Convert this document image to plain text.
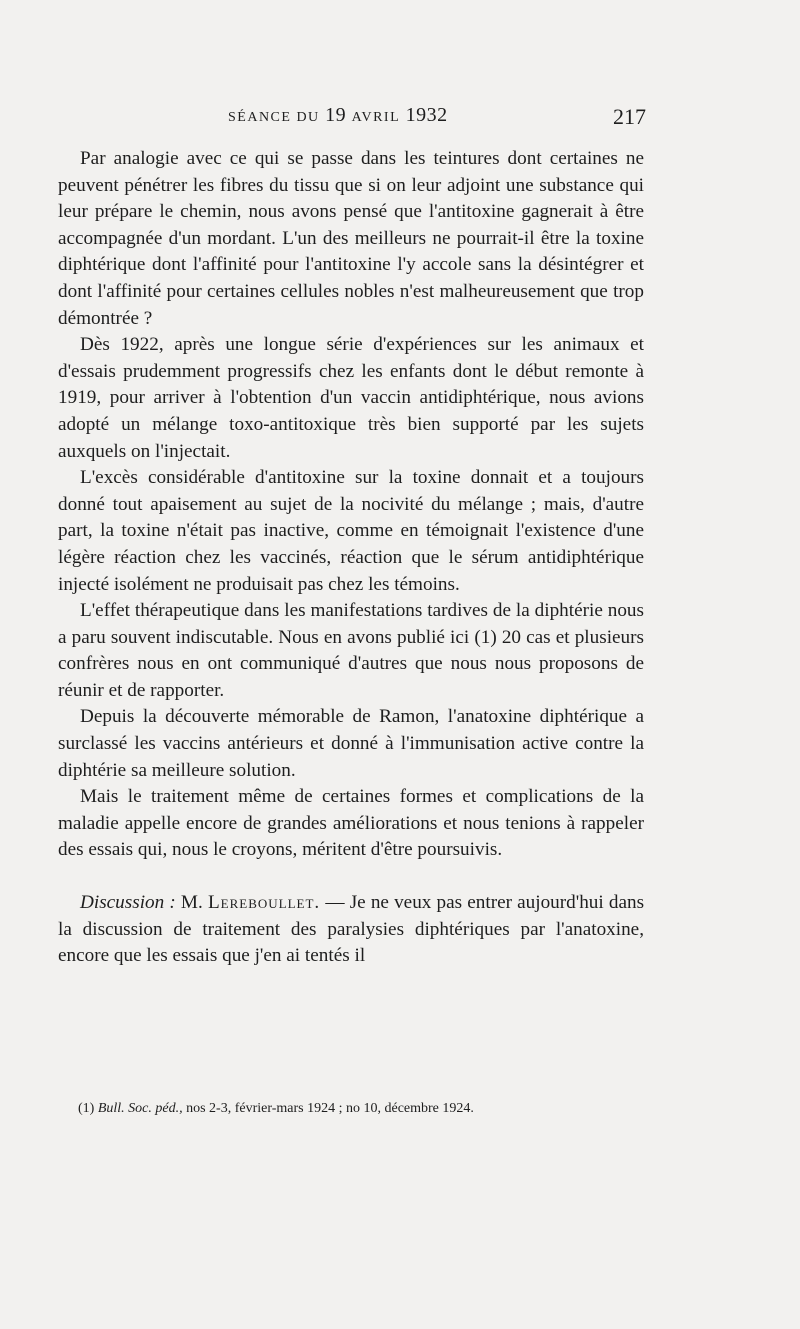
SÉANCE DU 19 AVRIL 1932	217

Par analogie avec ce qui se passe dans les teintures dont certaines ne peuvent pénétrer les fibres du tissu que si on leur adjoint une substance qui leur prépare le chemin, nous avons pensé que l'antitoxine gagnerait à être accompagnée d'un mordant. L'un des meilleurs ne pourrait-il être la toxine diphtérique dont l'affinité pour l'antitoxine l'y accole sans la désintégrer et dont l'affinité pour certaines cellules nobles n'est malheureusement que trop démontrée ?

Dès 1922, après une longue série d'expériences sur les animaux et d'essais prudemment progressifs chez les enfants dont le début remonte à 1919, pour arriver à l'obtention d'un vaccin antidiphtérique, nous avions adopté un mélange toxo-antitoxique très bien supporté par les sujets auxquels on l'injectait.

L'excès considérable d'antitoxine sur la toxine donnait et a toujours donné tout apaisement au sujet de la nocivité du mélange ; mais, d'autre part, la toxine n'était pas inactive, comme en témoignait l'existence d'une légère réaction chez les vaccinés, réaction que le sérum antidiphtérique injecté isolément ne produisait pas chez les témoins.

L'effet thérapeutique dans les manifestations tardives de la diphtérie nous a paru souvent indiscutable. Nous en avons publié ici (1) 20 cas et plusieurs confrères nous en ont communiqué d'autres que nous nous proposons de réunir et de rapporter.

Depuis la découverte mémorable de Ramon, l'anatoxine diphtérique a surclassé les vaccins antérieurs et donné à l'immunisation active contre la diphtérie sa meilleure solution.

Mais le traitement même de certaines formes et complications de la maladie appelle encore de grandes améliorations et nous tenions à rappeler des essais qui, nous le croyons, méritent d'être poursuivis.

Discussion : M. Lereboullet. — Je ne veux pas entrer aujourd'hui dans la discussion de traitement des paralysies diphtériques par l'anatoxine, encore que les essais que j'en ai tentés il

(1) Bull. Soc. péd., nos 2-3, février-mars 1924 ; no 10, décembre 1924.
